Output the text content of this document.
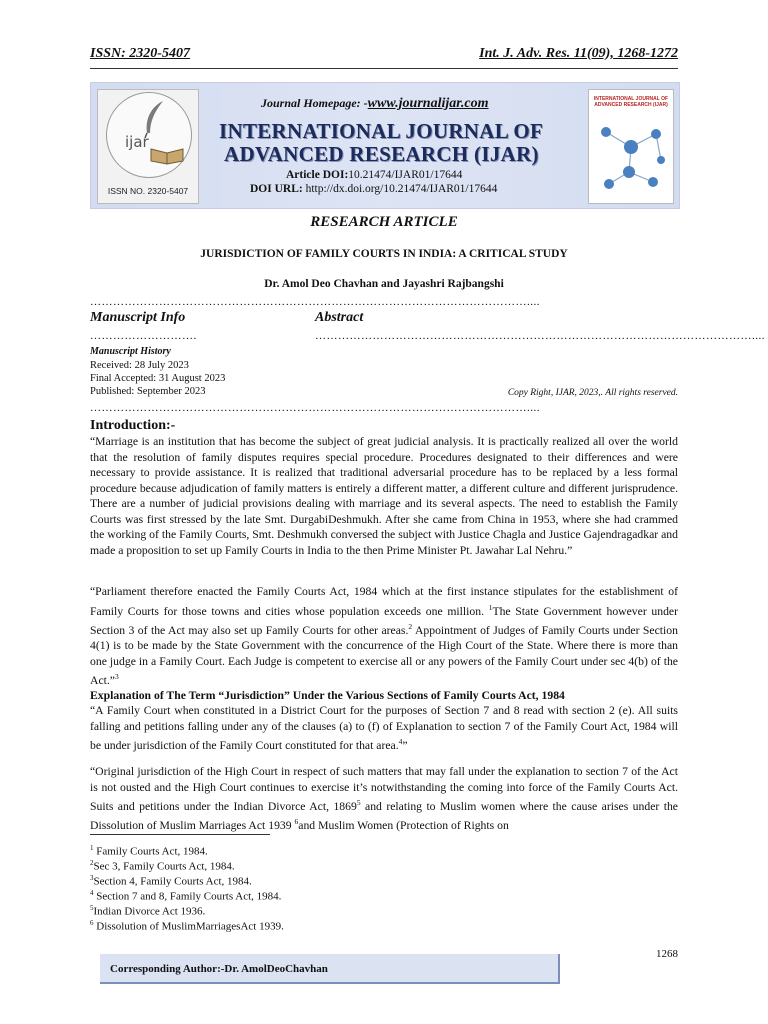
ISSN: 2320-5407	Int. J. Adv. Res. 11(09), 1268-1272
ijar
ISSN NO. 2320-5407
Journal Homepage: -www.journalijar.com
INTERNATIONAL JOURNAL OF
ADVANCED RESEARCH (IJAR)
Article DOI:10.21474/IJAR01/17644
DOI URL: http://dx.doi.org/10.21474/IJAR01/17644
INTERNATIONAL JOURNAL OF ADVANCED RESEARCH (IJAR)
RESEARCH ARTICLE
JURISDICTION OF FAMILY COURTS IN INDIA: A CRITICAL STUDY
Dr. Amol Deo Chavhan and Jayashri Rajbangshi
……………………………………………………………………………………………………....
Manuscript Info	Abstract
……………………….	……………………………………………………………………………………………………....
Manuscript History
Received: 28 July 2023
Final Accepted: 31 August 2023
Published: September 2023	Copy Right, IJAR, 2023,. All rights reserved.
……………………………………………………………………………………………………....
Introduction:-
“Marriage is an institution that has become the subject of great judicial analysis. It is practically realized all over the world that the resolution of family disputes requires special procedure. Procedures designated to their differences and were necessary to provide assistance. It is realized that traditional adversarial procedure has to be replaced by a less formal procedure because adjudication of family matters is entirely a different matter, a different culture and different jurisprudence. There are a number of judicial provisions dealing with marriage and its several aspects. The need to establish the Family Courts was first stressed by the late Smt. DurgabiDeshmukh. After she came from China in 1953, where she had crammed the working of the Family Courts, Smt. Deshmukh conversed the subject with Justice Chagla and Justice Gajendragadkar and made a proposition to set up Family Courts in India to the then Prime Minister Pt. Jawahar Lal Nehru.”
“Parliament therefore enacted the Family Courts Act, 1984 which at the first instance stipulates for the establishment of Family Courts for those towns and cities whose population exceeds one million. $^1$The State Government however under Section 3 of the Act may also set up Family Courts for other areas.$^2$ Appointment of Judges of Family Courts under Section 4(1) is to be made by the State Government with the concurrence of the High Court of the State. Where there is more than one judge in a Family Court. Each Judge is competent to exercise all or any powers of the Family Court under sec 4(b) of the Act.”$^3$
Explanation of The Term “Jurisdiction” Under the Various Sections of Family Courts Act, 1984
“A Family Court when constituted in a District Court for the purposes of Section 7 and 8 read with section 2 (e). All suits falling and petitions falling under any of the clauses (a) to (f) of Explanation to section 7 of the Family Court Act, 1984 will be under jurisdiction of the Family Court constituted for that area.$^4$”
“Original jurisdiction of the High Court in respect of such matters that may fall under the explanation to section 7 of the Act is not ousted and the High Court continues to exercise it’s notwithstanding the coming into force of the Family Courts Act. Suits and petitions under the Indian Divorce Act, 1869$^5$ and relating to Muslim women where the cause arises under the Dissolution of Muslim Marriages Act 1939 $^6$and Muslim Women (Protection of Rights on
$^1$ Family Courts Act, 1984.
$^2$Sec 3, Family Courts Act, 1984.
$^3$Section 4, Family Courts Act, 1984.
$^4$ Section 7 and 8, Family Courts Act, 1984.
$^5$Indian Divorce Act 1936.
$^6$ Dissolution of MuslimMarriagesAct 1939.
1268
Corresponding Author:-Dr. AmolDeoChavhan
